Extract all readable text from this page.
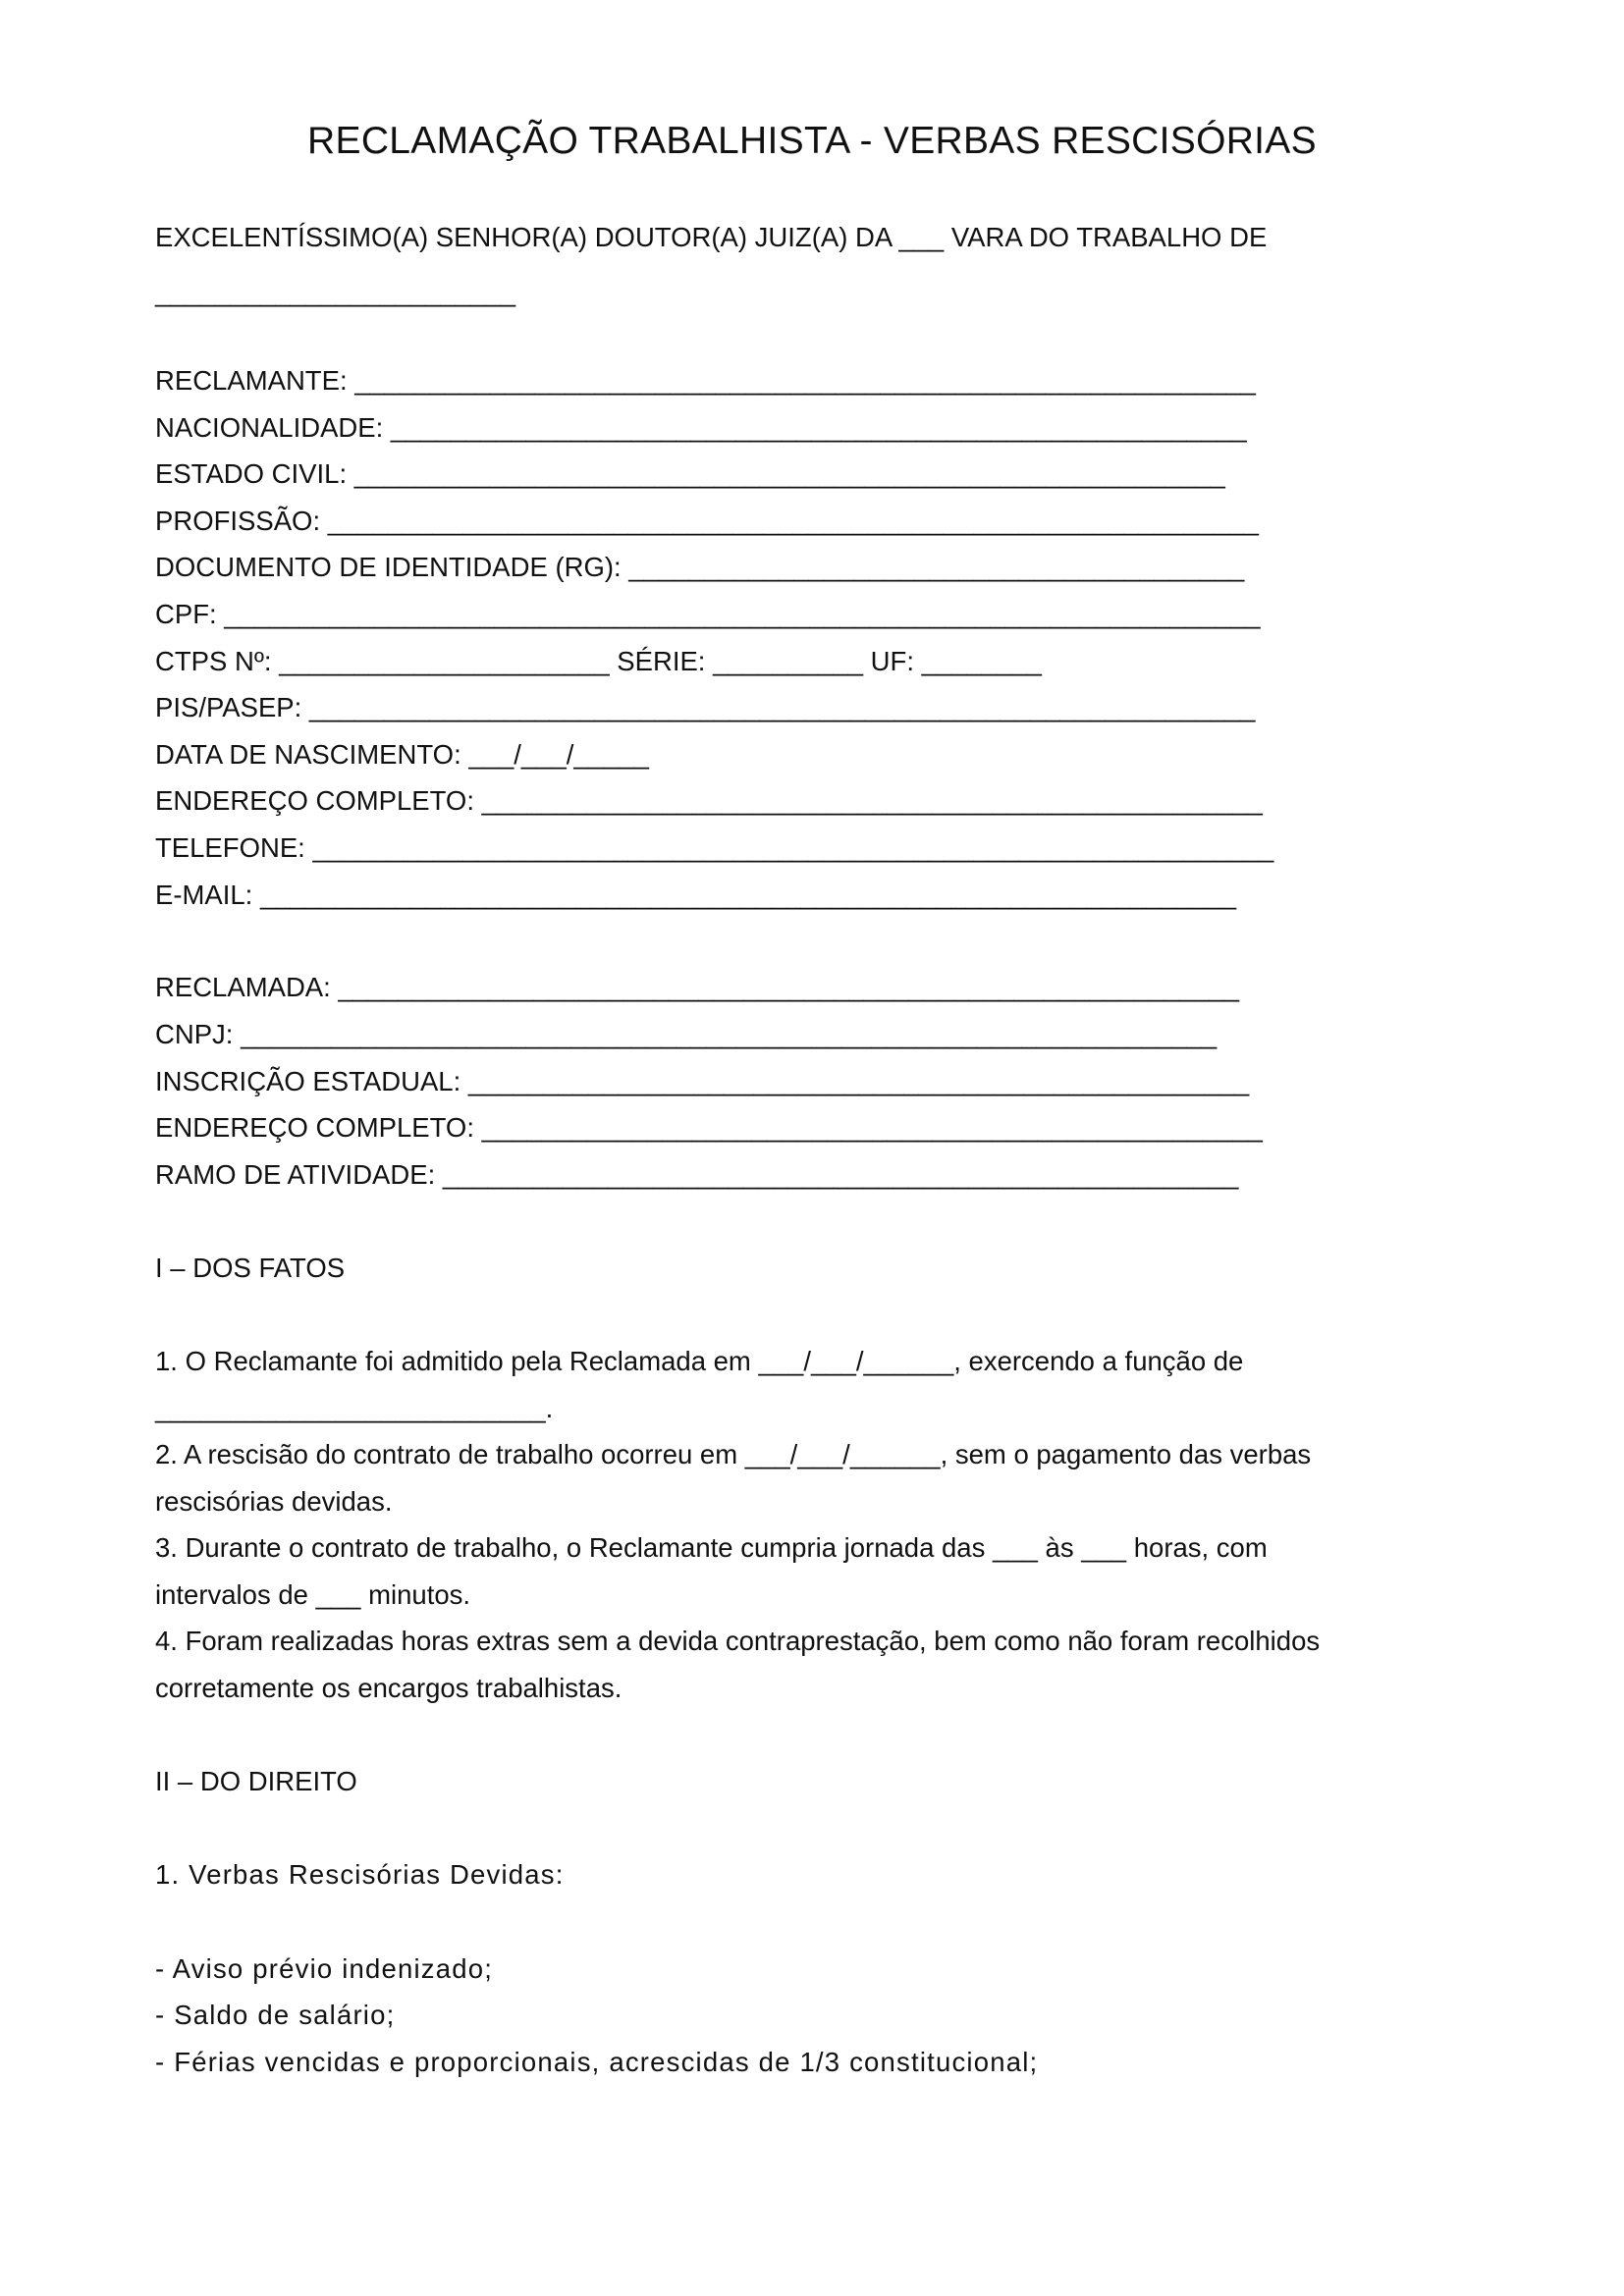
RECLAMAÇÃO TRABALHISTA - VERBAS RESCISÓRIAS
EXCELENTÍSSIMO(A) SENHOR(A) DOUTOR(A) JUIZ(A) DA ___ VARA DO TRABALHO DE
________________________
RECLAMANTE: ____________________________________________________________
NACIONALIDADE: _________________________________________________________
ESTADO CIVIL: __________________________________________________________
PROFISSÃO: ______________________________________________________________
DOCUMENTO DE IDENTIDADE (RG): _________________________________________
CPF: _____________________________________________________________________
CTPS Nº: ______________________ SÉRIE: __________ UF: ________
PIS/PASEP: _______________________________________________________________
DATA DE NASCIMENTO: ___/___/_____
ENDEREÇO COMPLETO: ____________________________________________________
TELEFONE: ________________________________________________________________
E-MAIL: _________________________________________________________________
RECLAMADA: ____________________________________________________________
CNPJ: _________________________________________________________________
INSCRIÇÃO ESTADUAL: ____________________________________________________
ENDEREÇO COMPLETO: ____________________________________________________
RAMO DE ATIVIDADE: _____________________________________________________
I – DOS FATOS
1. O Reclamante foi admitido pela Reclamada em ___/___/______, exercendo a função de
__________________________.
2. A rescisão do contrato de trabalho ocorreu em ___/___/______, sem o pagamento das verbas
rescisórias devidas.
3. Durante o contrato de trabalho, o Reclamante cumpria jornada das ___ às ___ horas, com
intervalos de ___ minutos.
4. Foram realizadas horas extras sem a devida contraprestação, bem como não foram recolhidos
corretamente os encargos trabalhistas.
II – DO DIREITO
1. Verbas Rescisórias Devidas:
- Aviso prévio indenizado;
- Saldo de salário;
- Férias vencidas e proporcionais, acrescidas de 1/3 constitucional;
